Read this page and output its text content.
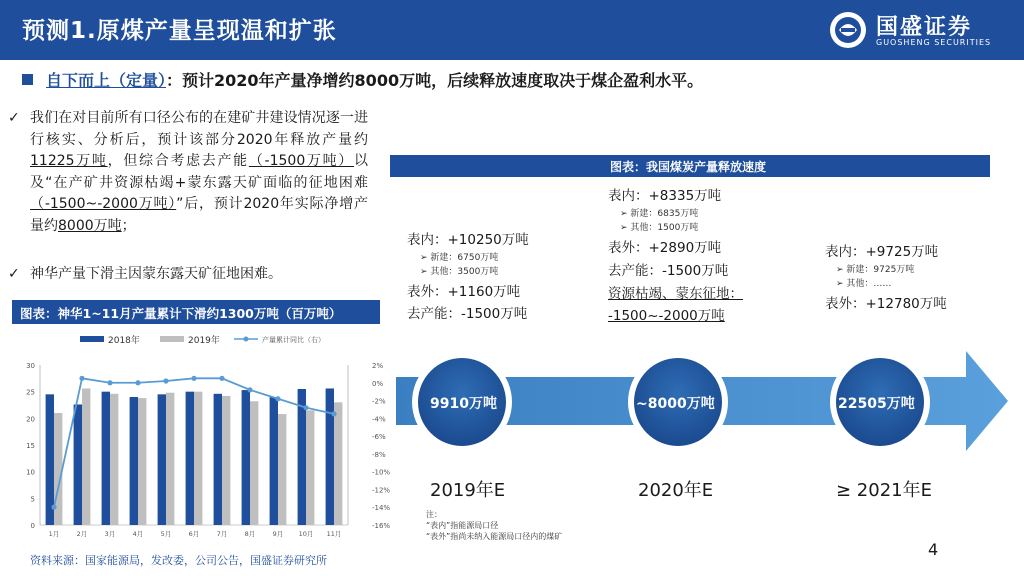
预测1.原煤产量呈现温和扩张	国盛证券
GUOSHENG SECURITIES
自下而上（定量）：预计2020年产量净增约8000万吨，后续释放速度取决于煤企盈利水平。
✓ 我们在对目前所有口径公布的在建矿井建设情况逐一进行核实、分析后，预计该部分2020年释放产量约11225万吨，但综合考虑去产能（-1500万吨）以及“在产矿井资源枯竭+蒙东露天矿面临的征地困难（-1500~-2000万吨）”后，预计2020年实际净增产量约8000万吨；
✓ 神华产量下滑主因蒙东露天矿征地困难。
图表：神华1~11月产量累计下滑约1300万吨（百万吨）
2018年	2019年	产量累计同比（右）
0
5
10
15
20
25
30	2%
0%
-2%
-4%
-6%
-8%
-10%
-12%
-14%
-16%
1月	2月	3月	4月	5月	6月	7月	8月	9月 10月 11月
资料来源：国家能源局，发改委，公司公告，国盛证券研究所
图表：我国煤炭产量释放速度
表内：+10250万吨
➢ 新建：6750万吨
➢ 其他：3500万吨
表外：+1160万吨
去产能：-1500万吨
表内：+8335万吨
➢ 新建：6835万吨
➢ 其他：1500万吨
表外：+2890万吨
去产能：-1500万吨
资源枯竭、蒙东征地：
-1500~-2000万吨
表内：+9725万吨
➢ 新建：9725万吨
➢ 其他：……
表外：+12780万吨
9910万吨	~8000万吨	22505万吨
2019年E	2020年E	≥ 2021年E
注：
“表内”指能源局口径
“表外”指尚未纳入能源局口径内的煤矿
4
